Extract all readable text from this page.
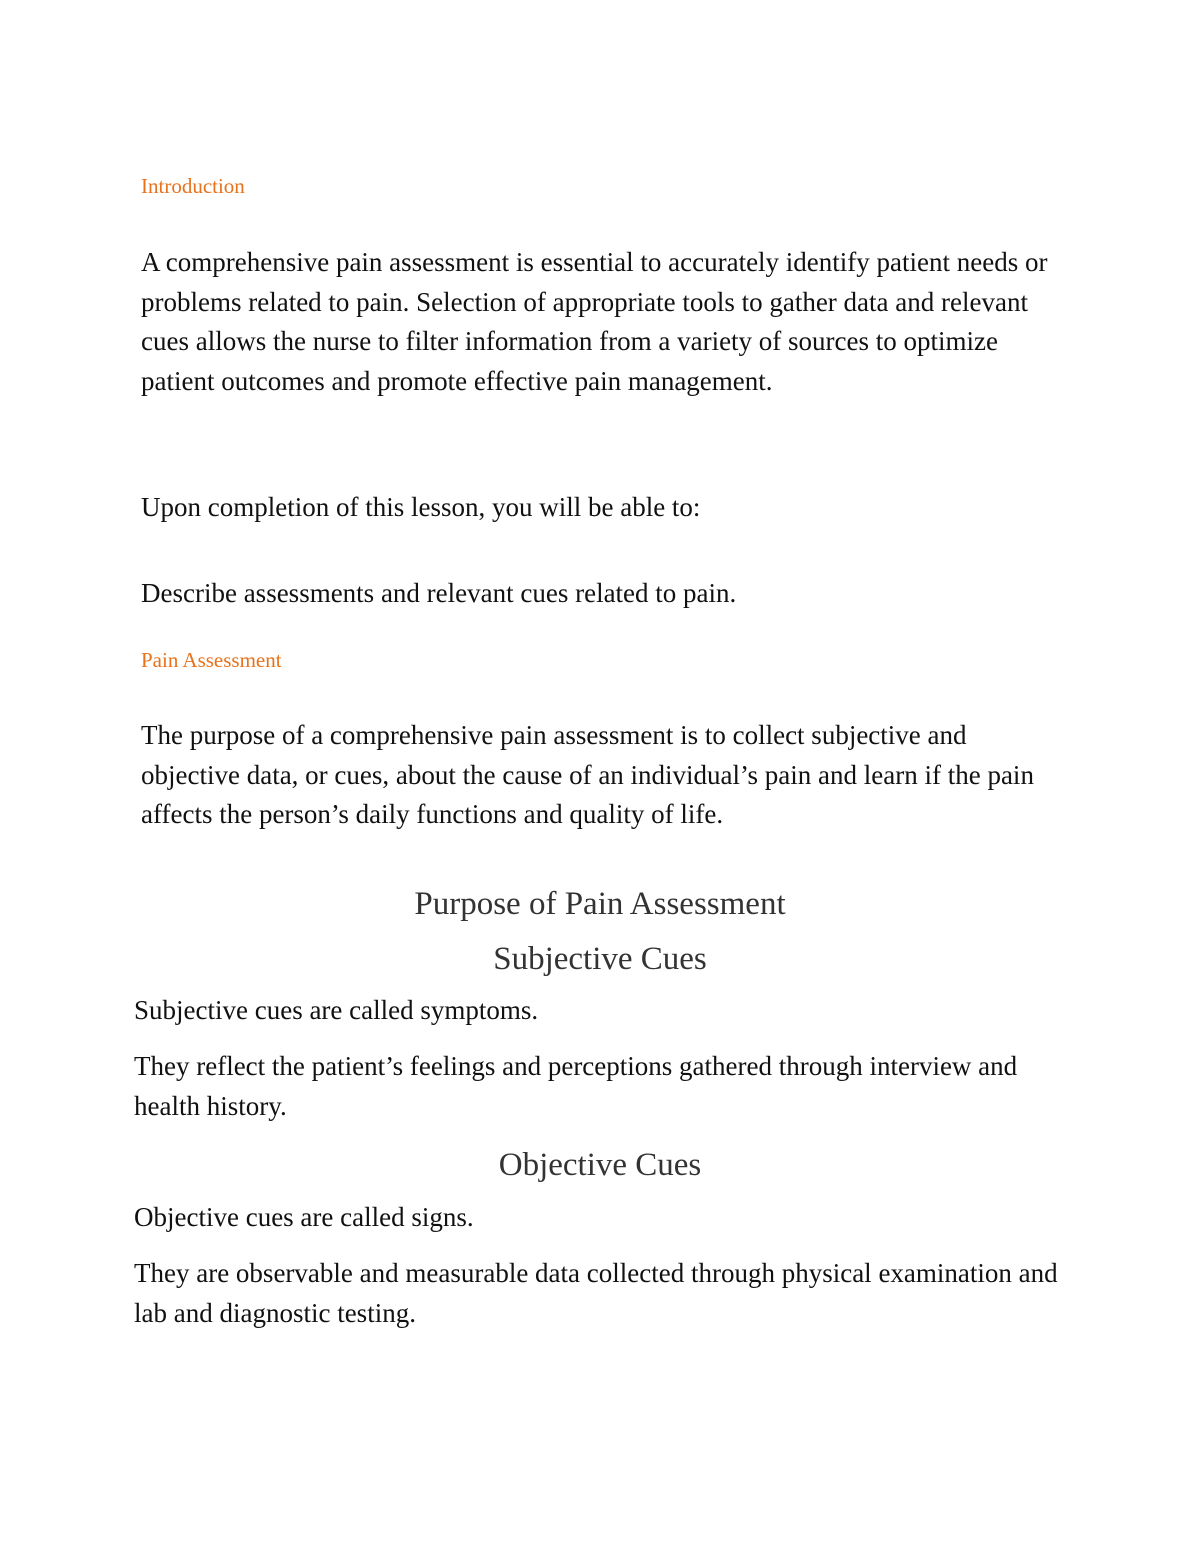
Introduction

A comprehensive pain assessment is essential to accurately identify patient needs or problems related to pain. Selection of appropriate tools to gather data and relevant cues allows the nurse to filter information from a variety of sources to optimize patient outcomes and promote effective pain management.

Upon completion of this lesson, you will be able to:

Describe assessments and relevant cues related to pain.

Pain Assessment

The purpose of a comprehensive pain assessment is to collect subjective and objective data, or cues, about the cause of an individual’s pain and learn if the pain affects the person’s daily functions and quality of life.

Purpose of Pain Assessment
Subjective Cues

Subjective cues are called symptoms.

They reflect the patient’s feelings and perceptions gathered through interview and health history.

Objective Cues

Objective cues are called signs.

They are observable and measurable data collected through physical examination and lab and diagnostic testing.
